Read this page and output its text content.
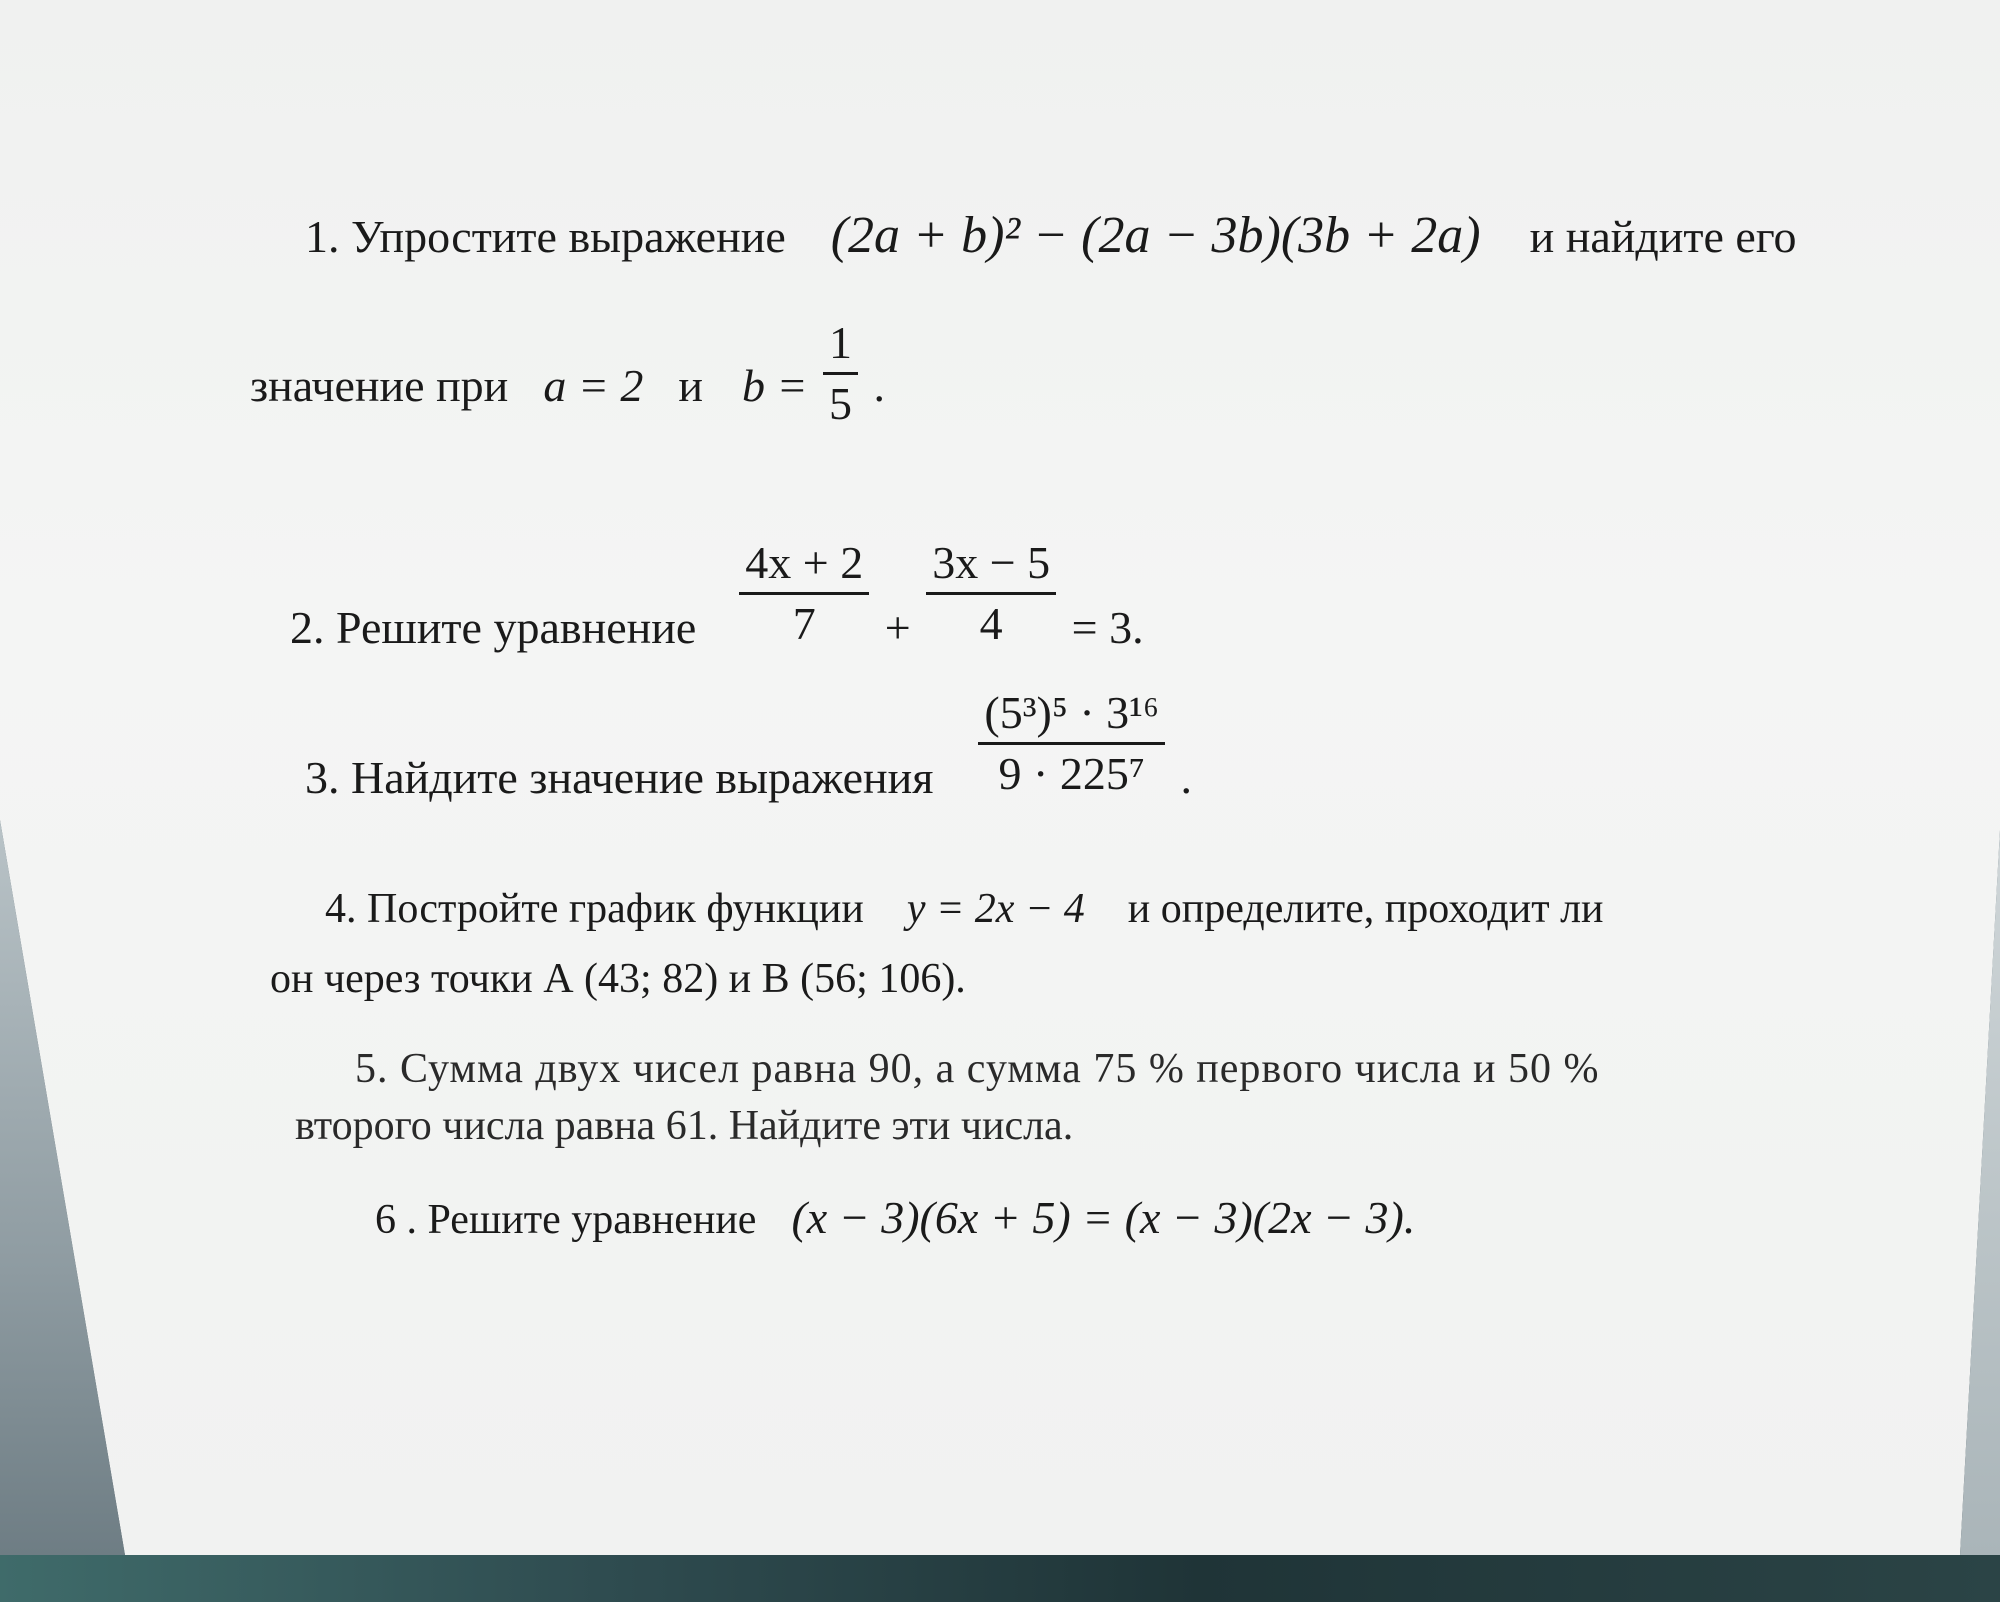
1. Упростите выражение (2a + b)² − (2a − 3b)(3b + 2a) и найдите его
значение при a = 2 и $b = \frac{1}{5}$ .
2. Решите уравнение $\frac{4x + 2}{7} + \frac{3x - 5}{4} = 3$.
3. Найдите значение выражения $\frac{\text{(5³)⁵ · 3¹⁶}}{\text{9 · 225⁷}}$ .
4. Постройте график функции y = 2x − 4 и определите, проходит ли
он через точки А (43; 82) и В (56; 106).
5. Сумма двух чисел равна 90, а сумма 75 % первого числа и 50 %
второго числа равна 61. Найдите эти числа.
6 . Решите уравнение (x − 3)(6x + 5) = (x − 3)(2x − 3).
